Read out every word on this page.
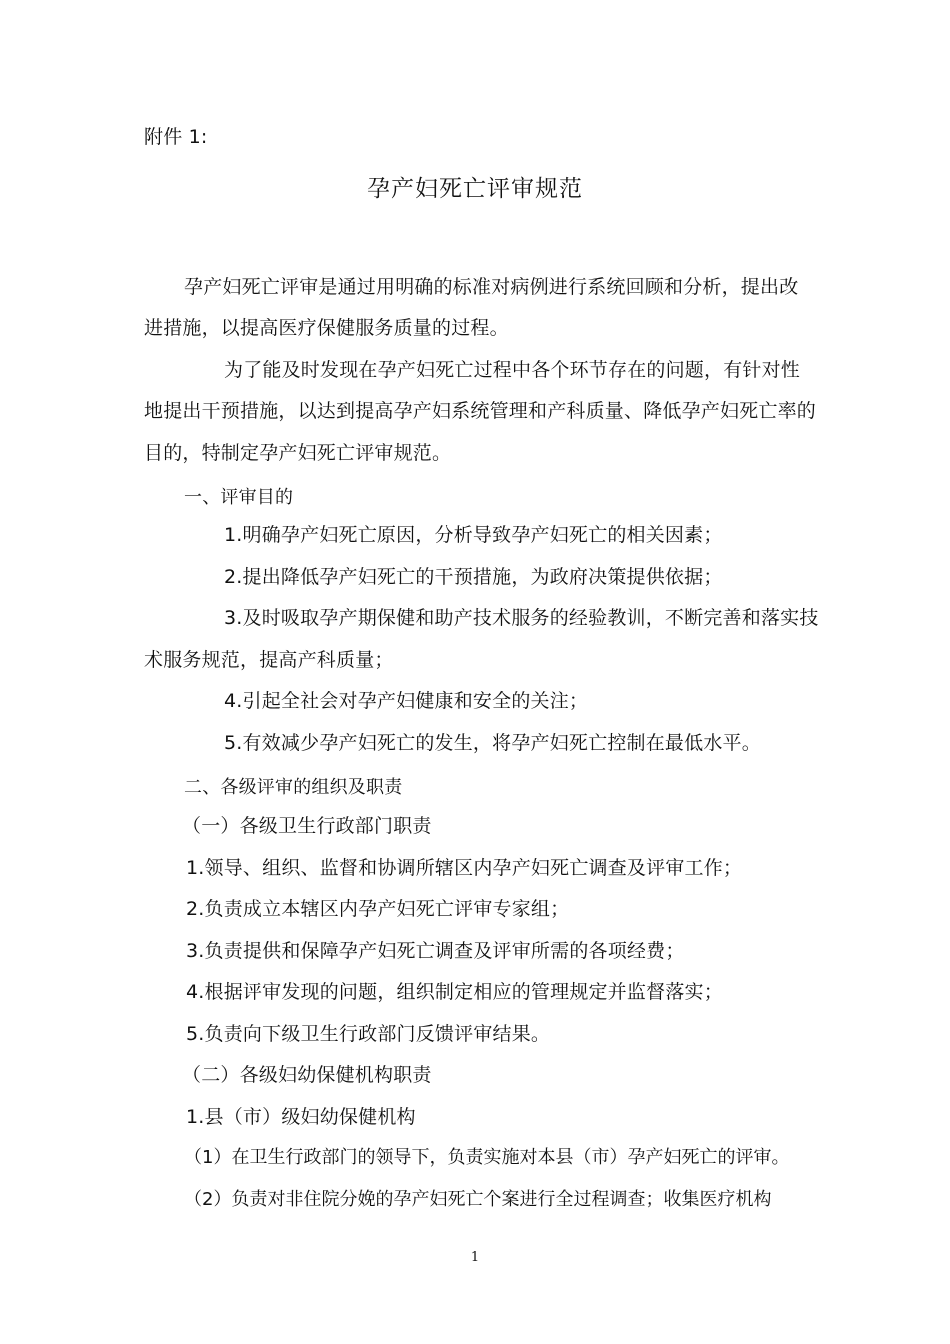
附件 1:
孕产妇死亡评审规范
孕产妇死亡评审是通过用明确的标准对病例进行系统回顾和分析，提出改
进措施，以提高医疗保健服务质量的过程。
为了能及时发现在孕产妇死亡过程中各个环节存在的问题，有针对性
地提出干预措施，以达到提高孕产妇系统管理和产科质量、降低孕产妇死亡率的
目的，特制定孕产妇死亡评审规范。
一、评审目的
1.明确孕产妇死亡原因，分析导致孕产妇死亡的相关因素；
2.提出降低孕产妇死亡的干预措施，为政府决策提供依据；
3.及时吸取孕产期保健和助产技术服务的经验教训，不断完善和落实技
术服务规范，提高产科质量；
4.引起全社会对孕产妇健康和安全的关注；
5.有效减少孕产妇死亡的发生，将孕产妇死亡控制在最低水平。
二、各级评审的组织及职责
（一）各级卫生行政部门职责
1.领导、组织、监督和协调所辖区内孕产妇死亡调查及评审工作；
2.负责成立本辖区内孕产妇死亡评审专家组；
3.负责提供和保障孕产妇死亡调查及评审所需的各项经费；
4.根据评审发现的问题，组织制定相应的管理规定并监督落实；
5.负责向下级卫生行政部门反馈评审结果。
（二）各级妇幼保健机构职责
1.县（市）级妇幼保健机构
（1）在卫生行政部门的领导下，负责实施对本县（市）孕产妇死亡的评审。
（2）负责对非住院分娩的孕产妇死亡个案进行全过程调查；收集医疗机构
1
